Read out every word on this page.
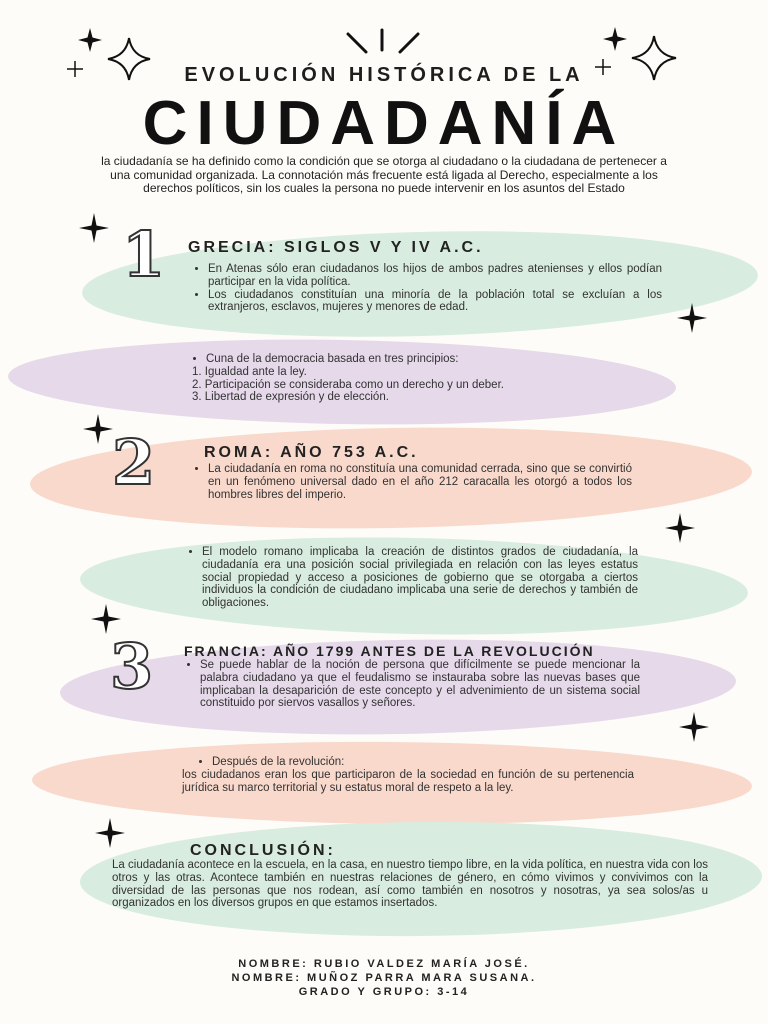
EVOLUCIÓN HISTÓRICA DE LA
CIUDADANÍA
la ciudadanía se ha definido como la condición que se otorga al ciudadano o la ciudadana de pertenecer a una comunidad organizada. La connotación más frecuente está ligada al Derecho, especialmente a los derechos políticos, sin los cuales la persona no puede intervenir en los asuntos del Estado
1 GRECIA: SIGLOS V Y IV A.C.
• En Atenas sólo eran ciudadanos los hijos de ambos padres atenienses y ellos podían participar en la vida política.
• Los ciudadanos constituían una minoría de la población total se excluían a los extranjeros, esclavos, mujeres y menores de edad.
• Cuna de la democracia basada en tres principios:
1. Igualdad ante la ley.
2. Participación se consideraba como un derecho y un deber.
3. Libertad de expresión y de elección.
2	ROMA: AÑO 753 A.C.
• La ciudadanía en roma no constituía una comunidad cerrada, sino que se convirtió en un fenómeno universal dado en el año 212 caracalla les otorgó a todos los hombres libres del imperio.
• El modelo romano implicaba la creación de distintos grados de ciudadanía, la ciudadanía era una posición social privilegiada en relación con las leyes estatus social propiedad y acceso a posiciones de gobierno que se otorgaba a ciertos individuos la condición de ciudadano implicaba una serie de derechos y también de obligaciones.
3 FRANCIA: AÑO 1799 ANTES DE LA REVOLUCIÓN
• Se puede hablar de la noción de persona que difícilmente se puede mencionar la palabra ciudadano ya que el feudalismo se instauraba sobre las nuevas bases que implicaban la desaparición de este concepto y el advenimiento de un sistema social constituido por siervos vasallos y señores.
• Después de la revolución:
los ciudadanos eran los que participaron de la sociedad en función de su pertenencia jurídica su marco territorial y su estatus moral de respeto a la ley.
CONCLUSIÓN:
La ciudadanía acontece en la escuela, en la casa, en nuestro tiempo libre, en la vida política, en nuestra vida con los otros y las otras. Acontece también en nuestras relaciones de género, en cómo vivimos y convivimos con la diversidad de las personas que nos rodean, así como también en nosotros y nosotras, ya sea solos/as u organizados en los diversos grupos en que estamos insertados.
NOMBRE: RUBIO VALDEZ MARÍA JOSÉ.
NOMBRE: MUÑOZ PARRA MARA SUSANA.
GRADO Y GRUPO: 3-14
